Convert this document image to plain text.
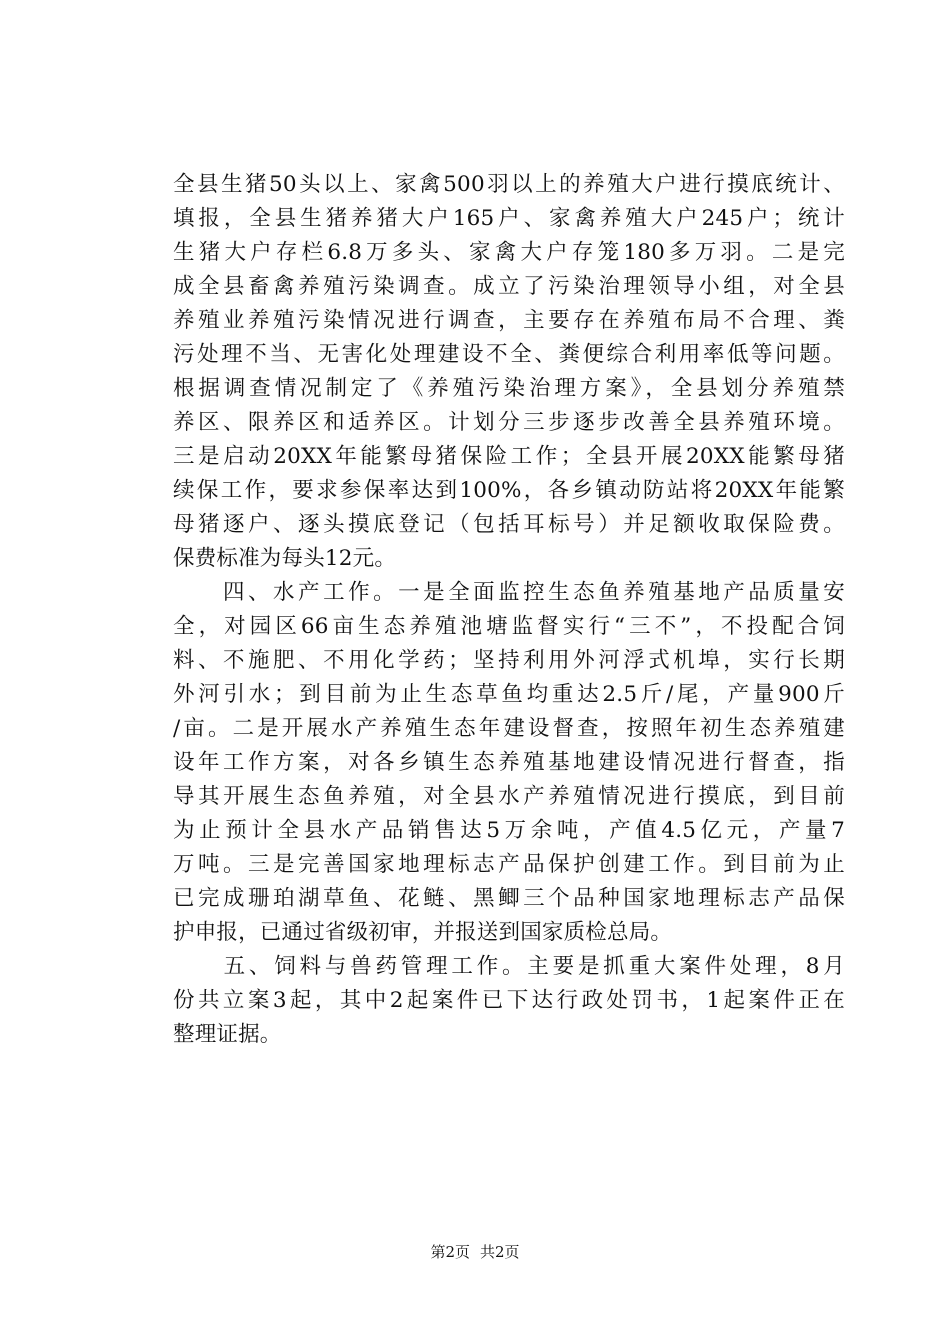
全县生猪50头以上、家禽500羽以上的养殖大户进行摸底统计、
填报，全县生猪养猪大户165户、家禽养殖大户245户；统计
生猪大户存栏6.8万多头、家禽大户存笼180多万羽。二是完
成全县畜禽养殖污染调查。成立了污染治理领导小组，对全县
养殖业养殖污染情况进行调查，主要存在养殖布局不合理、粪
污处理不当、无害化处理建设不全、粪便综合利用率低等问题。
根据调查情况制定了《养殖污染治理方案》，全县划分养殖禁
养区、限养区和适养区。计划分三步逐步改善全县养殖环境。
三是启动20XX年能繁母猪保险工作；全县开展20XX能繁母猪
续保工作，要求参保率达到100%，各乡镇动防站将20XX年能繁
母猪逐户、逐头摸底登记（包括耳标号）并足额收取保险费。
保费标准为每头12元。
　　四、水产工作。一是全面监控生态鱼养殖基地产品质量安
全，对园区66亩生态养殖池塘监督实行“三不”，不投配合饲
料、不施肥、不用化学药；坚持利用外河浮式机埠，实行长期
外河引水；到目前为止生态草鱼均重达2.5斤/尾，产量900斤
/亩。二是开展水产养殖生态年建设督查，按照年初生态养殖建
设年工作方案，对各乡镇生态养殖基地建设情况进行督查，指
导其开展生态鱼养殖，对全县水产养殖情况进行摸底，到目前
为止预计全县水产品销售达5万余吨，产值4.5亿元，产量7
万吨。三是完善国家地理标志产品保护创建工作。到目前为止
已完成珊珀湖草鱼、花鲢、黑鲫三个品种国家地理标志产品保
护申报，已通过省级初审，并报送到国家质检总局。
　　五、饲料与兽药管理工作。主要是抓重大案件处理，8月
份共立案3起，其中2起案件已下达行政处罚书，1起案件正在
整理证据。
第2页 共2页
